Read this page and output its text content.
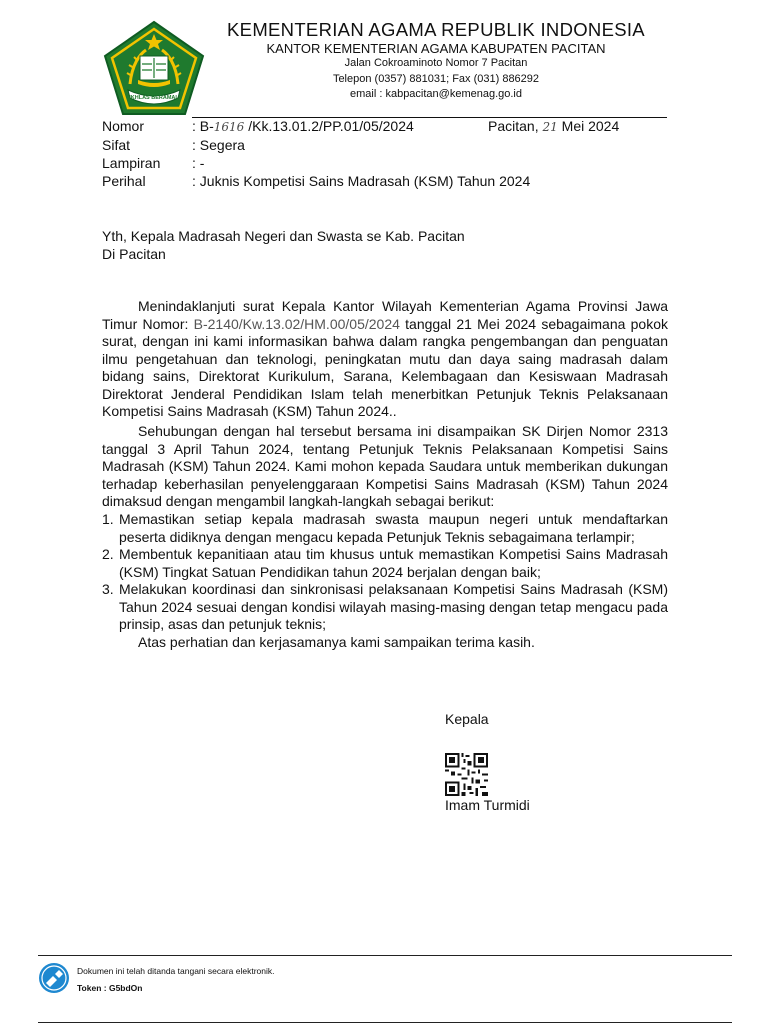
IKHLAS BERAMAL
KEMENTERIAN AGAMA REPUBLIK INDONESIA
KANTOR KEMENTERIAN AGAMA KABUPATEN PACITAN
Jalan Cokroaminoto Nomor 7 Pacitan
Telepon (0357) 881031; Fax (031) 886292
email : kabpacitan@kemenag.go.id
Nomor	: B-1616 /Kk.13.01.2/PP.01/05/2024	Pacitan, 21 Mei 2024
Sifat	: Segera
Lampiran : -
Perihal	: Juknis Kompetisi Sains Madrasah (KSM) Tahun 2024
Yth, Kepala Madrasah Negeri dan Swasta se Kab. Pacitan
Di Pacitan
Menindaklanjuti surat Kepala Kantor Wilayah Kementerian Agama Provinsi Jawa Timur Nomor: B-2140/Kw.13.02/HM.00/05/2024 tanggal 21 Mei 2024 sebagaimana pokok surat, dengan ini kami informasikan bahwa dalam rangka pengembangan dan penguatan ilmu pengetahuan dan teknologi, peningkatan mutu dan daya saing madrasah dalam bidang sains, Direktorat Kurikulum, Sarana, Kelembagaan dan Kesiswaan Madrasah Direktorat Jenderal Pendidikan Islam telah menerbitkan Petunjuk Teknis Pelaksanaan Kompetisi Sains Madrasah (KSM) Tahun 2024..
Sehubungan dengan hal tersebut bersama ini disampaikan SK Dirjen Nomor 2313 tanggal 3 April Tahun 2024, tentang Petunjuk Teknis Pelaksanaan Kompetisi Sains Madrasah (KSM) Tahun 2024. Kami mohon kepada Saudara untuk memberikan dukungan terhadap keberhasilan penyelenggaraan Kompetisi Sains Madrasah (KSM) Tahun 2024 dimaksud dengan mengambil langkah-langkah sebagai berikut:
1. Memastikan setiap kepala madrasah swasta maupun negeri untuk mendaftarkan peserta didiknya dengan mengacu kepada Petunjuk Teknis sebagaimana terlampir;
2. Membentuk kepanitiaan atau tim khusus untuk memastikan Kompetisi Sains Madrasah (KSM) Tingkat Satuan Pendidikan tahun 2024 berjalan dengan baik;
3. Melakukan koordinasi dan sinkronisasi pelaksanaan Kompetisi Sains Madrasah (KSM) Tahun 2024 sesuai dengan kondisi wilayah masing-masing dengan tetap mengacu pada prinsip, asas dan petunjuk teknis;
Atas perhatian dan kerjasamanya kami sampaikan terima kasih.
Kepala
Imam Turmidi
Dokumen ini telah ditanda tangani secara elektronik.
Token : G5bdOn
